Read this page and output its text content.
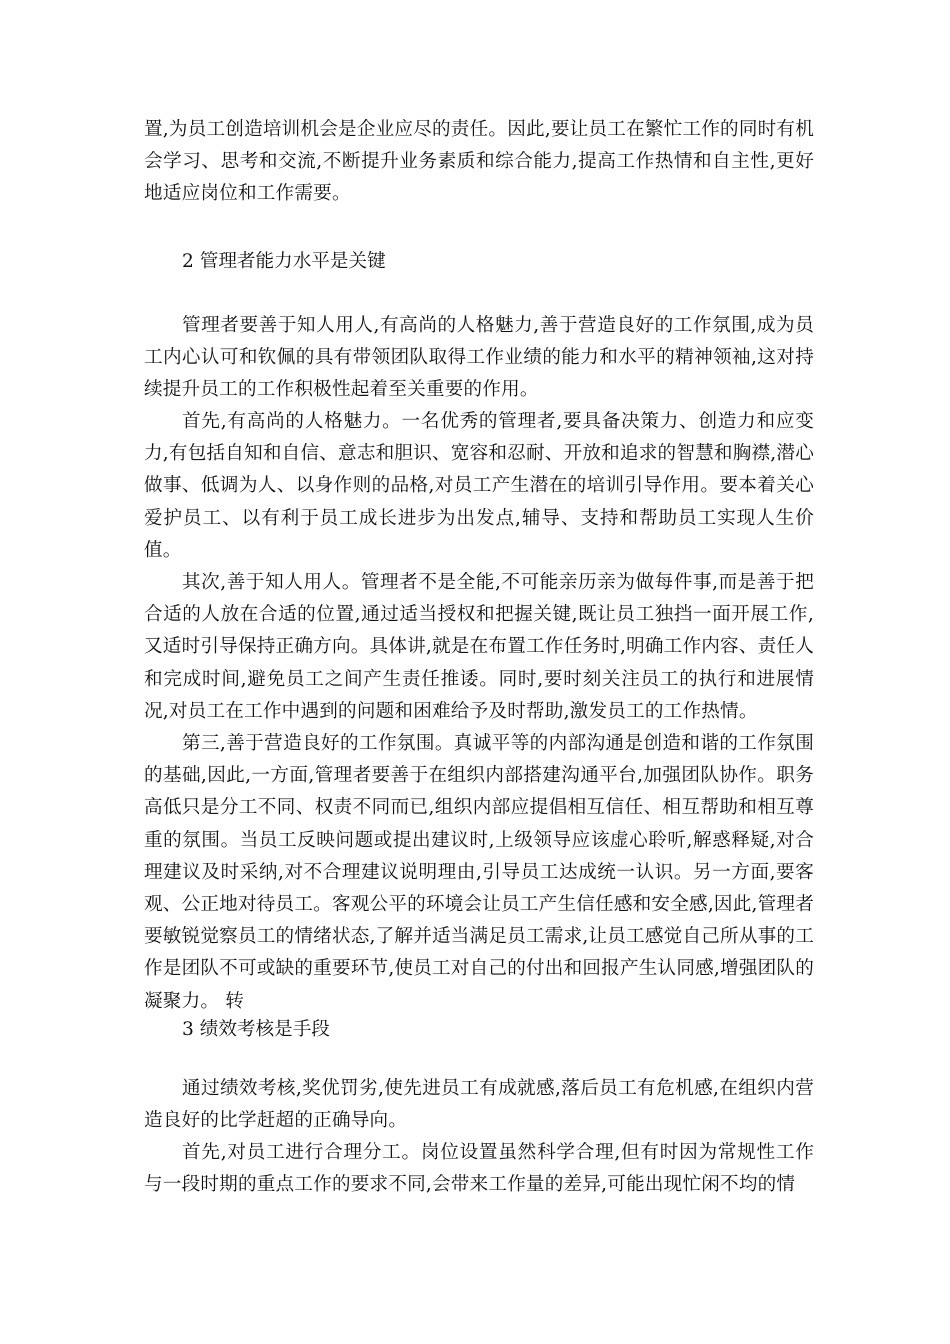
置,为员工创造培训机会是企业应尽的责任。因此,要让员工在繁忙工作的同时有机会学习、思考和交流,不断提升业务素质和综合能力,提高工作热情和自主性,更好地适应岗位和工作需要。

2 管理者能力水平是关键

管理者要善于知人用人,有高尚的人格魅力,善于营造良好的工作氛围,成为员工内心认可和钦佩的具有带领团队取得工作业绩的能力和水平的精神领袖,这对持续提升员工的工作积极性起着至关重要的作用。

首先,有高尚的人格魅力。一名优秀的管理者,要具备决策力、创造力和应变力,有包括自知和自信、意志和胆识、宽容和忍耐、开放和追求的智慧和胸襟,潜心做事、低调为人、以身作则的品格,对员工产生潜在的培训引导作用。要本着关心爱护员工、以有利于员工成长进步为出发点,辅导、支持和帮助员工实现人生价值。

其次,善于知人用人。管理者不是全能,不可能亲历亲为做每件事,而是善于把合适的人放在合适的位置,通过适当授权和把握关键,既让员工独挡一面开展工作,又适时引导保持正确方向。具体讲,就是在布置工作任务时,明确工作内容、责任人和完成时间,避免员工之间产生责任推诿。同时,要时刻关注员工的执行和进展情况,对员工在工作中遇到的问题和困难给予及时帮助,激发员工的工作热情。

第三,善于营造良好的工作氛围。真诚平等的内部沟通是创造和谐的工作氛围的基础,因此,一方面,管理者要善于在组织内部搭建沟通平台,加强团队协作。职务高低只是分工不同、权责不同而已,组织内部应提倡相互信任、相互帮助和相互尊重的氛围。当员工反映问题或提出建议时,上级领导应该虚心聆听,解惑释疑,对合理建议及时采纳,对不合理建议说明理由,引导员工达成统一认识。另一方面,要客观、公正地对待员工。客观公平的环境会让员工产生信任感和安全感,因此,管理者要敏锐觉察员工的情绪状态,了解并适当满足员工需求,让员工感觉自己所从事的工作是团队不可或缺的重要环节,使员工对自己的付出和回报产生认同感,增强团队的凝聚力。 转

3 绩效考核是手段

通过绩效考核,奖优罚劣,使先进员工有成就感,落后员工有危机感,在组织内营造良好的比学赶超的正确导向。

首先,对员工进行合理分工。岗位设置虽然科学合理,但有时因为常规性工作与一段时期的重点工作的要求不同,会带来工作量的差异,可能出现忙闲不均的情
